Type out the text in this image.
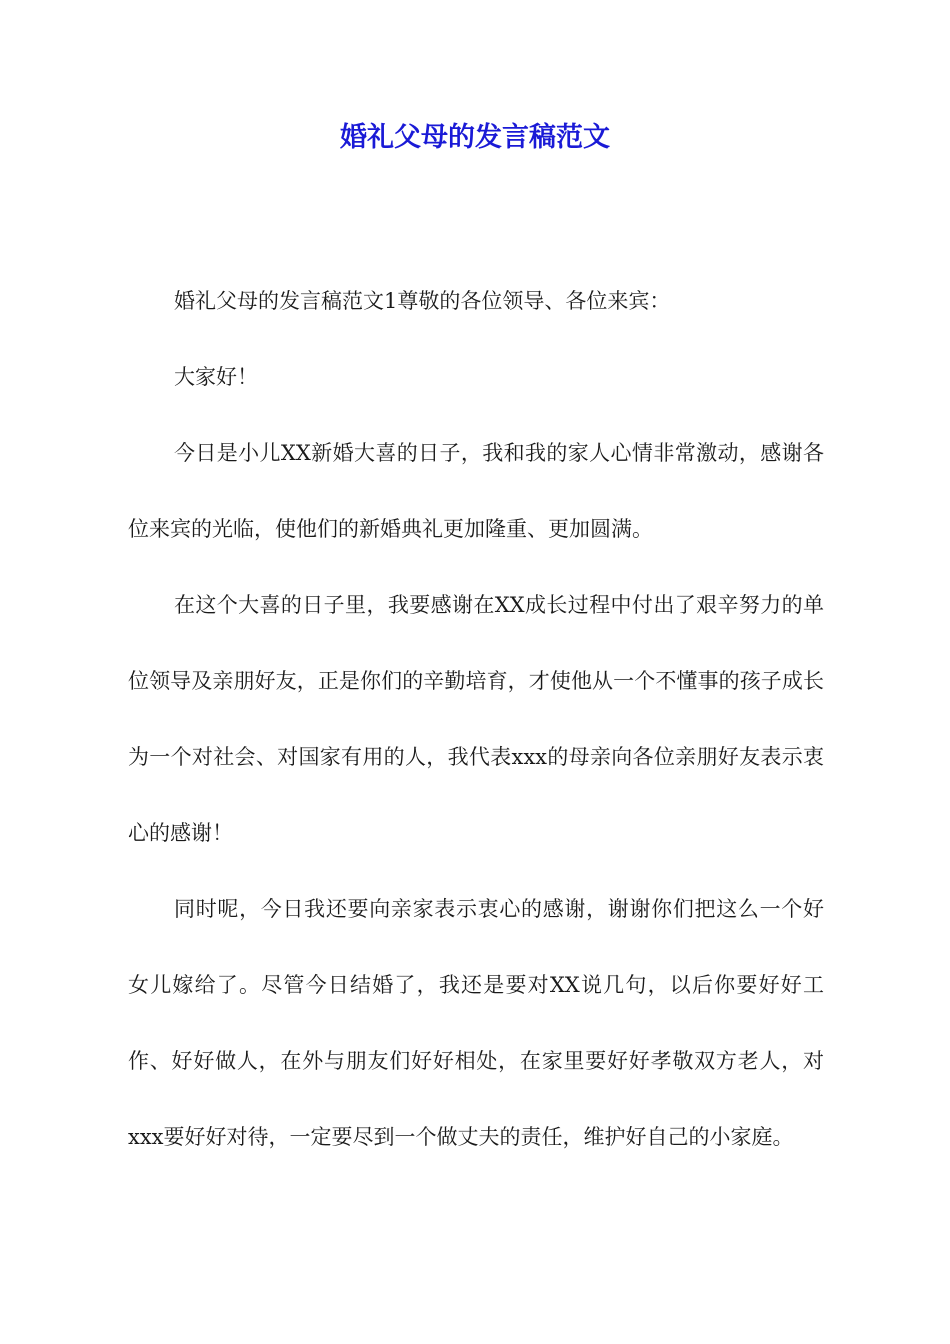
婚礼父母的发言稿范文

婚礼父母的发言稿范文1尊敬的各位领导、各位来宾：

大家好！

今日是小儿XX新婚大喜的日子，我和我的家人心情非常激动，感谢各位来宾的光临，使他们的新婚典礼更加隆重、更加圆满。

在这个大喜的日子里，我要感谢在XX成长过程中付出了艰辛努力的单位领导及亲朋好友，正是你们的辛勤培育，才使他从一个不懂事的孩子成长为一个对社会、对国家有用的人，我代表xxx的母亲向各位亲朋好友表示衷心的感谢！

同时呢，今日我还要向亲家表示衷心的感谢，谢谢你们把这么一个好女儿嫁给了。尽管今日结婚了，我还是要对XX说几句，以后你要好好工作、好好做人，在外与朋友们好好相处，在家里要好好孝敬双方老人，对xxx要好好对待，一定要尽到一个做丈夫的责任，维护好自己的小家庭。
